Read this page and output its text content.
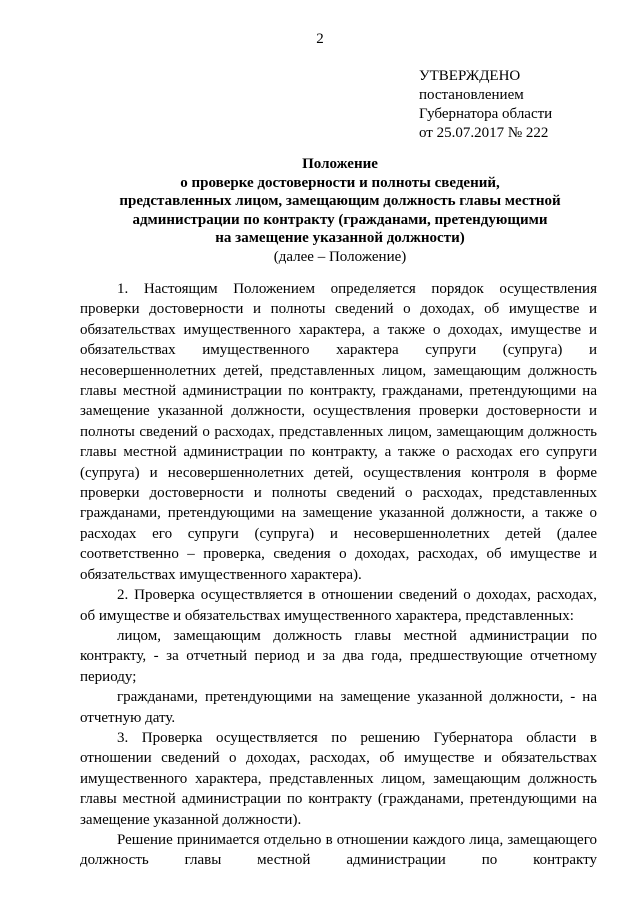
2
УТВЕРЖДЕНО
постановлением
Губернатора области
от 25.07.2017 № 222
Положение
о проверке достоверности и полноты сведений,
представленных лицом, замещающим должность главы местной
администрации по контракту (гражданами, претендующими
на замещение указанной должности)
(далее – Положение)

1. Настоящим Положением определяется порядок осуществления проверки достоверности и полноты сведений о доходах, об имуществе и обязательствах имущественного характера, а также о доходах, имуществе и обязательствах имущественного характера супруги (супруга) и несовершеннолетних детей, представленных лицом, замещающим должность главы местной администрации по контракту, гражданами, претендующими на замещение указанной должности, осуществления проверки достоверности и полноты сведений о расходах, представленных лицом, замещающим должность главы местной администрации по контракту, а также о расходах его супруги (супруга) и несовершеннолетних детей, осуществления контроля в форме проверки достоверности и полноты сведений о расходах, представленных гражданами, претендующими на замещение указанной должности, а также о расходах его супруги (супруга) и несовершеннолетних детей (далее соответственно – проверка, сведения о доходах, расходах, об имуществе и обязательствах имущественного характера).

2. Проверка осуществляется в отношении сведений о доходах, расходах, об имуществе и обязательствах имущественного характера, представленных:

лицом, замещающим должность главы местной администрации по контракту, - за отчетный период и за два года, предшествующие отчетному периоду;

гражданами, претендующими на замещение указанной должности, - на отчетную дату.

3. Проверка осуществляется по решению Губернатора области в отношении сведений о доходах, расходах, об имуществе и обязательствах имущественного характера, представленных лицом, замещающим должность главы местной администрации по контракту (гражданами, претендующими на замещение указанной должности).

Решение принимается отдельно в отношении каждого лица, замещающего должность главы местной администрации по контракту
